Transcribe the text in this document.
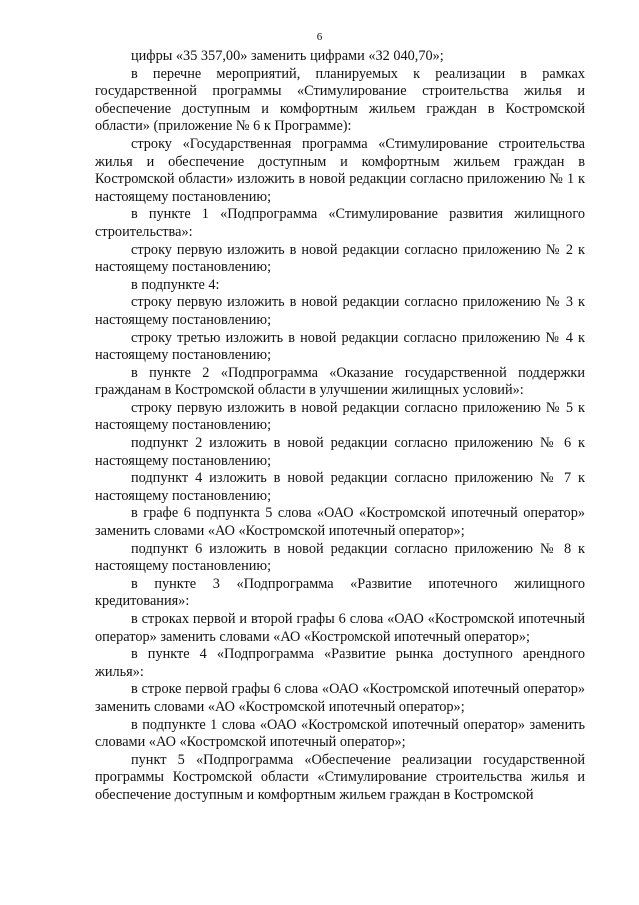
6

цифры «35 357,00» заменить цифрами «32 040,70»;

в перечне мероприятий, планируемых к реализации в рамках государственной программы «Стимулирование строительства жилья и обеспечение доступным и комфортным жильем граждан в Костромской области» (приложение № 6 к Программе):

строку «Государственная программа «Стимулирование строительства жилья и обеспечение доступным и комфортным жильем граждан в Костромской области» изложить в новой редакции согласно приложению № 1 к настоящему постановлению;

в пункте 1 «Подпрограмма «Стимулирование развития жилищного строительства»:

строку первую изложить в новой редакции согласно приложению № 2 к настоящему постановлению;

в подпункте 4:

строку первую изложить в новой редакции согласно приложению № 3 к настоящему постановлению;

строку третью изложить в новой редакции согласно приложению № 4 к настоящему постановлению;

в пункте 2 «Подпрограмма «Оказание государственной поддержки гражданам в Костромской области в улучшении жилищных условий»:

строку первую изложить в новой редакции согласно приложению № 5 к настоящему постановлению;

подпункт 2 изложить в новой редакции согласно приложению № 6 к настоящему постановлению;

подпункт 4 изложить в новой редакции согласно приложению № 7 к настоящему постановлению;

в графе 6 подпункта 5 слова «ОАО «Костромской ипотечный оператор» заменить словами «АО «Костромской ипотечный оператор»;

подпункт 6 изложить в новой редакции согласно приложению № 8 к настоящему постановлению;

в пункте 3 «Подпрограмма «Развитие ипотечного жилищного кредитования»:

в строках первой и второй графы 6 слова «ОАО «Костромской ипотечный оператор» заменить словами «АО «Костромской ипотечный оператор»;

в пункте 4 «Подпрограмма «Развитие рынка доступного арендного жилья»:

в строке первой графы 6 слова «ОАО «Костромской ипотечный оператор» заменить словами «АО «Костромской ипотечный оператор»;

в подпункте 1 слова «ОАО «Костромской ипотечный оператор» заменить словами «АО «Костромской ипотечный оператор»;

пункт 5 «Подпрограмма «Обеспечение реализации государственной программы Костромской области «Стимулирование строительства жилья и обеспечение доступным и комфортным жильем граждан в Костромской
